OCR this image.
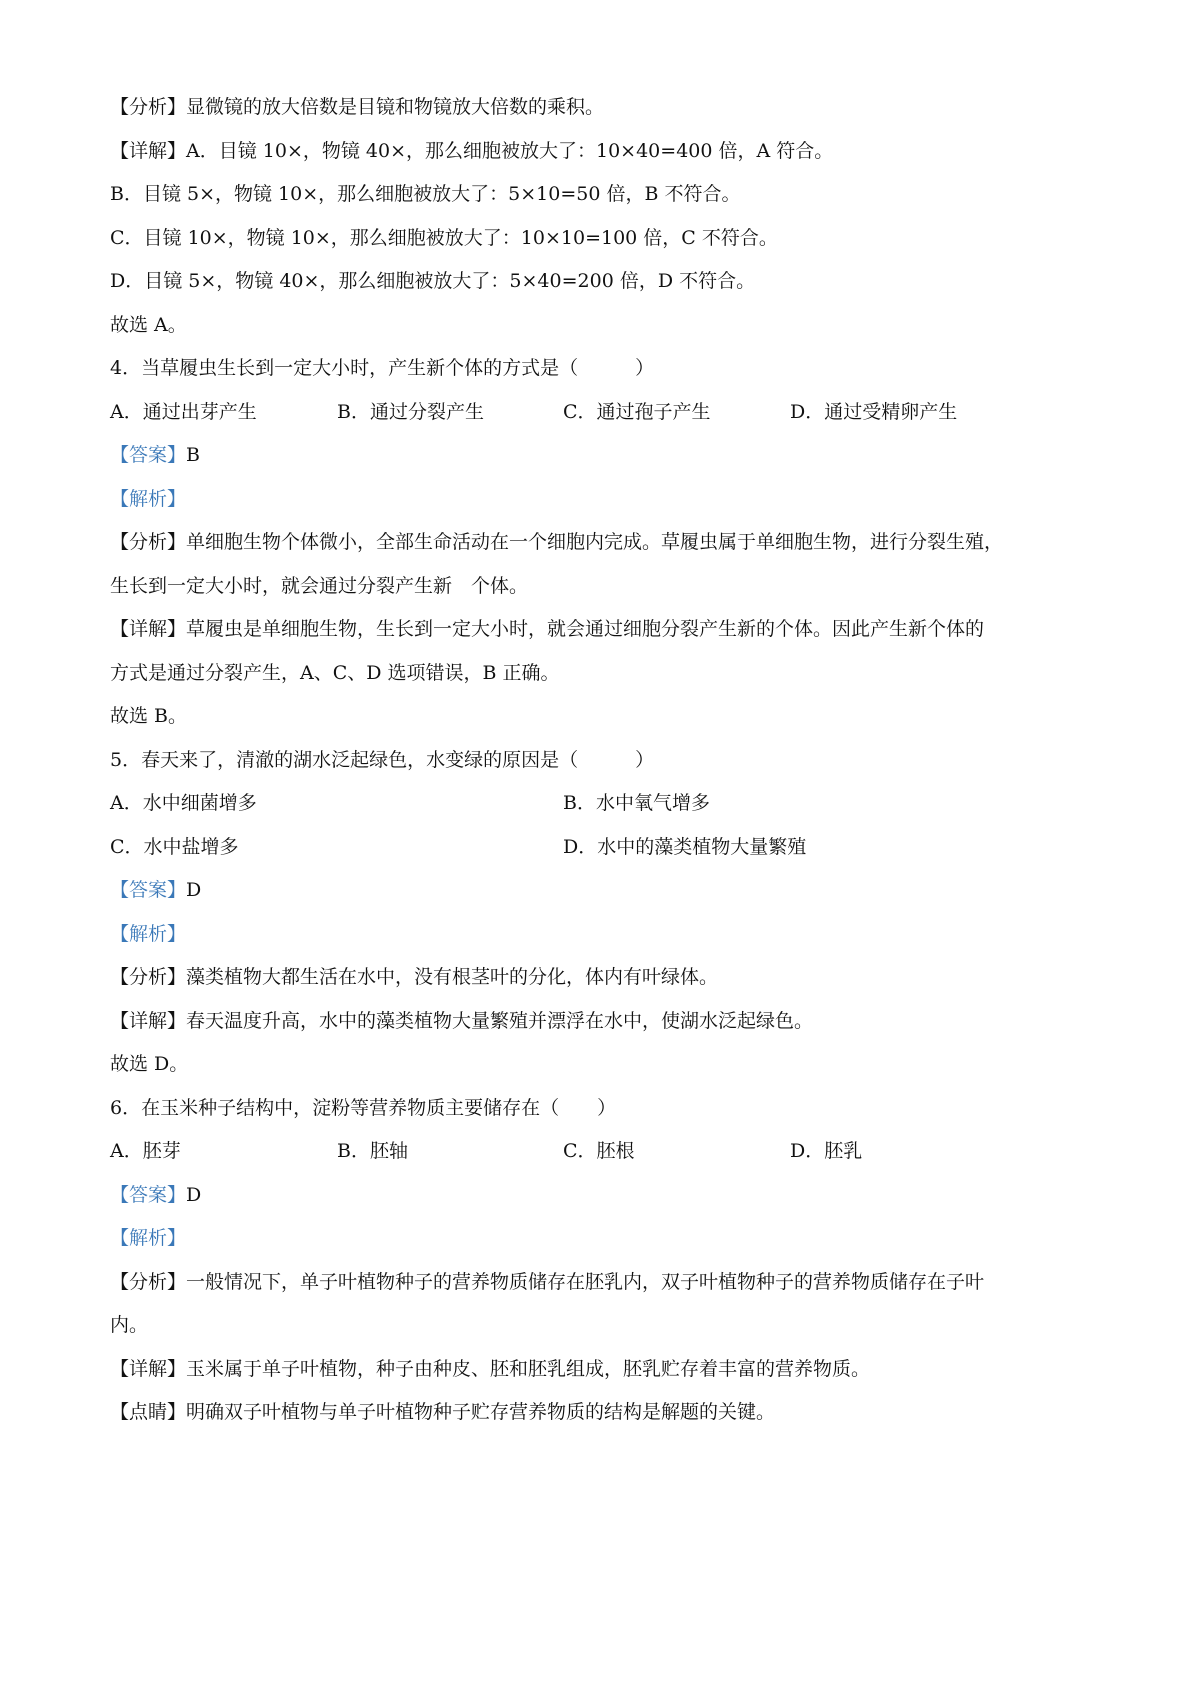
【分析】显微镜的放大倍数是目镜和物镜放大倍数的乘积。
【详解】A．目镜 10×，物镜 40×，那么细胞被放大了：10×40=400 倍，A 符合。
B．目镜 5×，物镜 10×，那么细胞被放大了：5×10=50 倍，B 不符合。
C．目镜 10×，物镜 10×，那么细胞被放大了：10×10=100 倍，C 不符合。
D．目镜 5×，物镜 40×，那么细胞被放大了：5×40=200 倍，D 不符合。
故选 A。
4．当草履虫生长到一定大小时，产生新个体的方式是（　　　）
A．通过出芽产生	B．通过分裂产生	C．通过孢子产生	D．通过受精卵产生
【答案】B
【解析】
【分析】单细胞生物个体微小，全部生命活动在一个细胞内完成。草履虫属于单细胞生物，进行分裂生殖，
生长到一定大小时，就会通过分裂产生新　个体。
【详解】草履虫是单细胞生物，生长到一定大小时，就会通过细胞分裂产生新的个体。因此产生新个体的
方式是通过分裂产生，A、C、D 选项错误，B 正确。
故选 B。
5．春天来了，清澈的湖水泛起绿色，水变绿的原因是（　　　）
A．水中细菌增多	B．水中氧气增多
C．水中盐增多	D．水中的藻类植物大量繁殖
【答案】D
【解析】
【分析】藻类植物大都生活在水中，没有根茎叶的分化，体内有叶绿体。
【详解】春天温度升高，水中的藻类植物大量繁殖并漂浮在水中，使湖水泛起绿色。
故选 D。
6．在玉米种子结构中，淀粉等营养物质主要储存在（　　）
A．胚芽	B．胚轴	C．胚根	D．胚乳
【答案】D
【解析】
【分析】一般情况下，单子叶植物种子的营养物质储存在胚乳内，双子叶植物种子的营养物质储存在子叶
内。
【详解】玉米属于单子叶植物，种子由种皮、胚和胚乳组成，胚乳贮存着丰富的营养物质。
【点睛】明确双子叶植物与单子叶植物种子贮存营养物质的结构是解题的关键。
